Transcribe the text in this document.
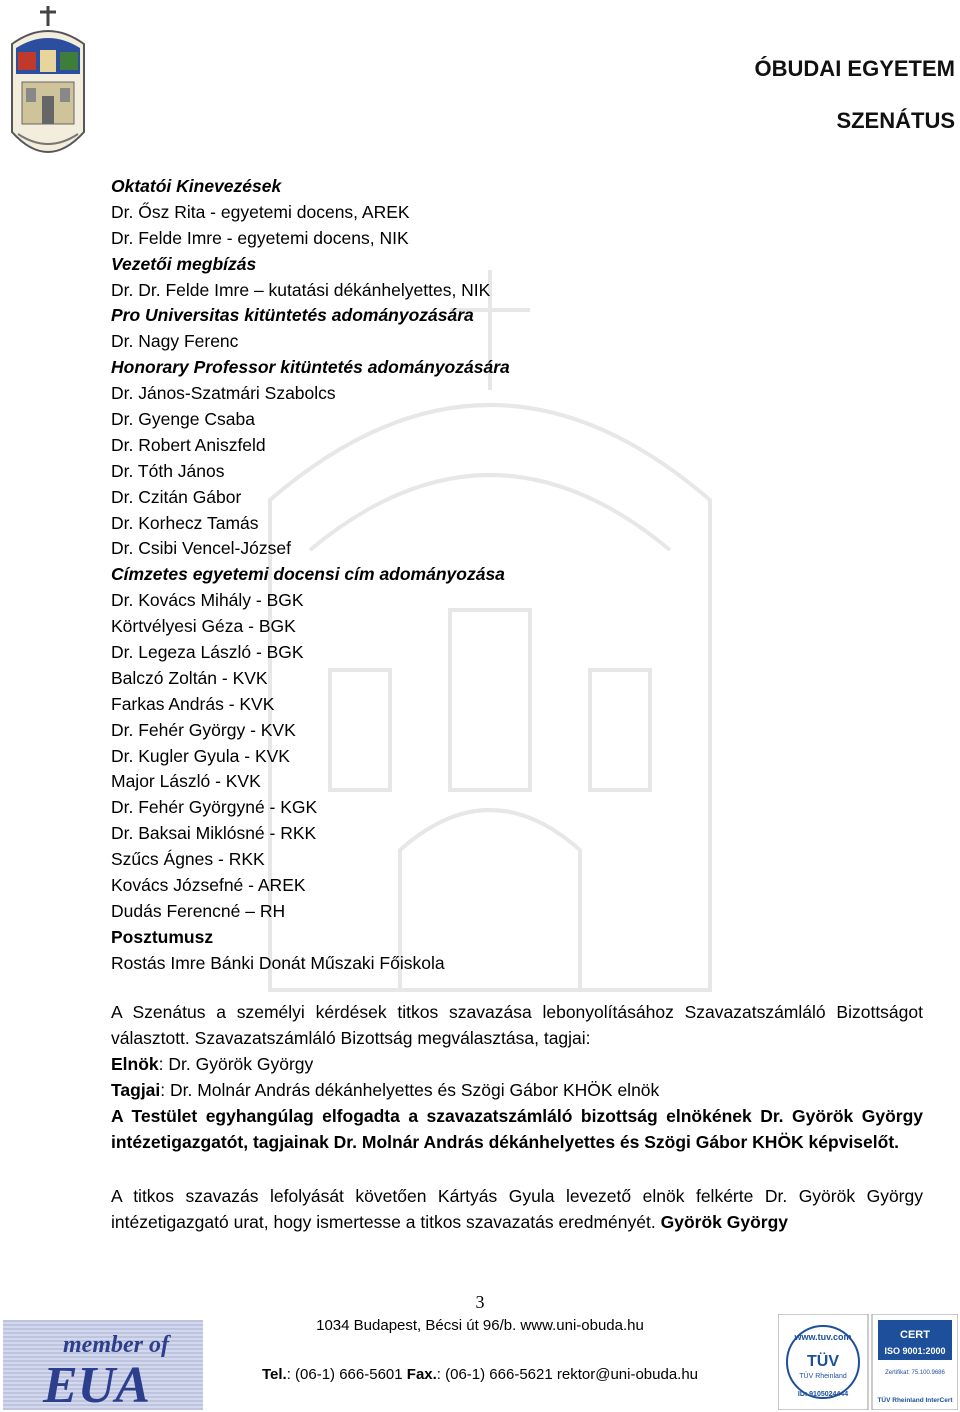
ÓBUDAI EGYETEM
SZENÁTUS
Oktatói Kinevezések
Dr. Ősz Rita - egyetemi docens, AREK
Dr. Felde Imre - egyetemi docens, NIK
Vezetői megbízás
Dr. Dr. Felde Imre – kutatási dékánhelyettes, NIK
Pro Universitas kitüntetés adományozására
Dr. Nagy Ferenc
Honorary Professor kitüntetés adományozására
Dr. János-Szatmári Szabolcs
Dr. Gyenge Csaba
Dr. Robert Aniszfeld
Dr. Tóth János
Dr. Czitán Gábor
Dr. Korhecz Tamás
Dr. Csibi Vencel-József
Címzetes egyetemi docensi cím adományozása
Dr. Kovács Mihály - BGK
Körtvélyesi Géza - BGK
Dr. Legeza László - BGK
Balczó Zoltán - KVK
Farkas András - KVK
Dr. Fehér György - KVK
Dr. Kugler Gyula - KVK
Major László - KVK
Dr. Fehér Györgyné - KGK
Dr. Baksai Miklósné - RKK
Szűcs Ágnes - RKK
Kovács Józsefné - AREK
Dudás Ferencné – RH
Posztumusz
Rostás Imre Bánki Donát Műszaki Főiskola

A Szenátus a személyi kérdések titkos szavazása lebonyolításához Szavazatszámláló Bizottságot választott. Szavazatszámláló Bizottság megválasztása, tagjai:

Elnök: Dr. Györök György

Tagjai: Dr. Molnár András dékánhelyettes és Szögi Gábor KHÖK elnök

A Testület egyhangúlag elfogadta a szavazatszámláló bizottság elnökének Dr. Györök György intézetigazgatót, tagjainak Dr. Molnár András dékánhelyettes és Szögi Gábor KHÖK képviselőt.

A titkos szavazás lefolyását követően Kártyás Gyula levezető elnök felkérte Dr. Györök György intézetigazgató urat, hogy ismertesse a titkos szavazatás eredményét. Györök György

3
1034 Budapest, Bécsi út 96/b. www.uni-obuda.hu
Tel.: (06-1) 666-5601 Fax.: (06-1) 666-5621 rektor@uni-obuda.hu
member of
EUA
www.tuv.com
TÜV
TÜV Rheinland
ID: 9105024444
CERT
ISO 9001:2000
Zertifikat: 75.100.9686
TÜV Rheinland InterCert
